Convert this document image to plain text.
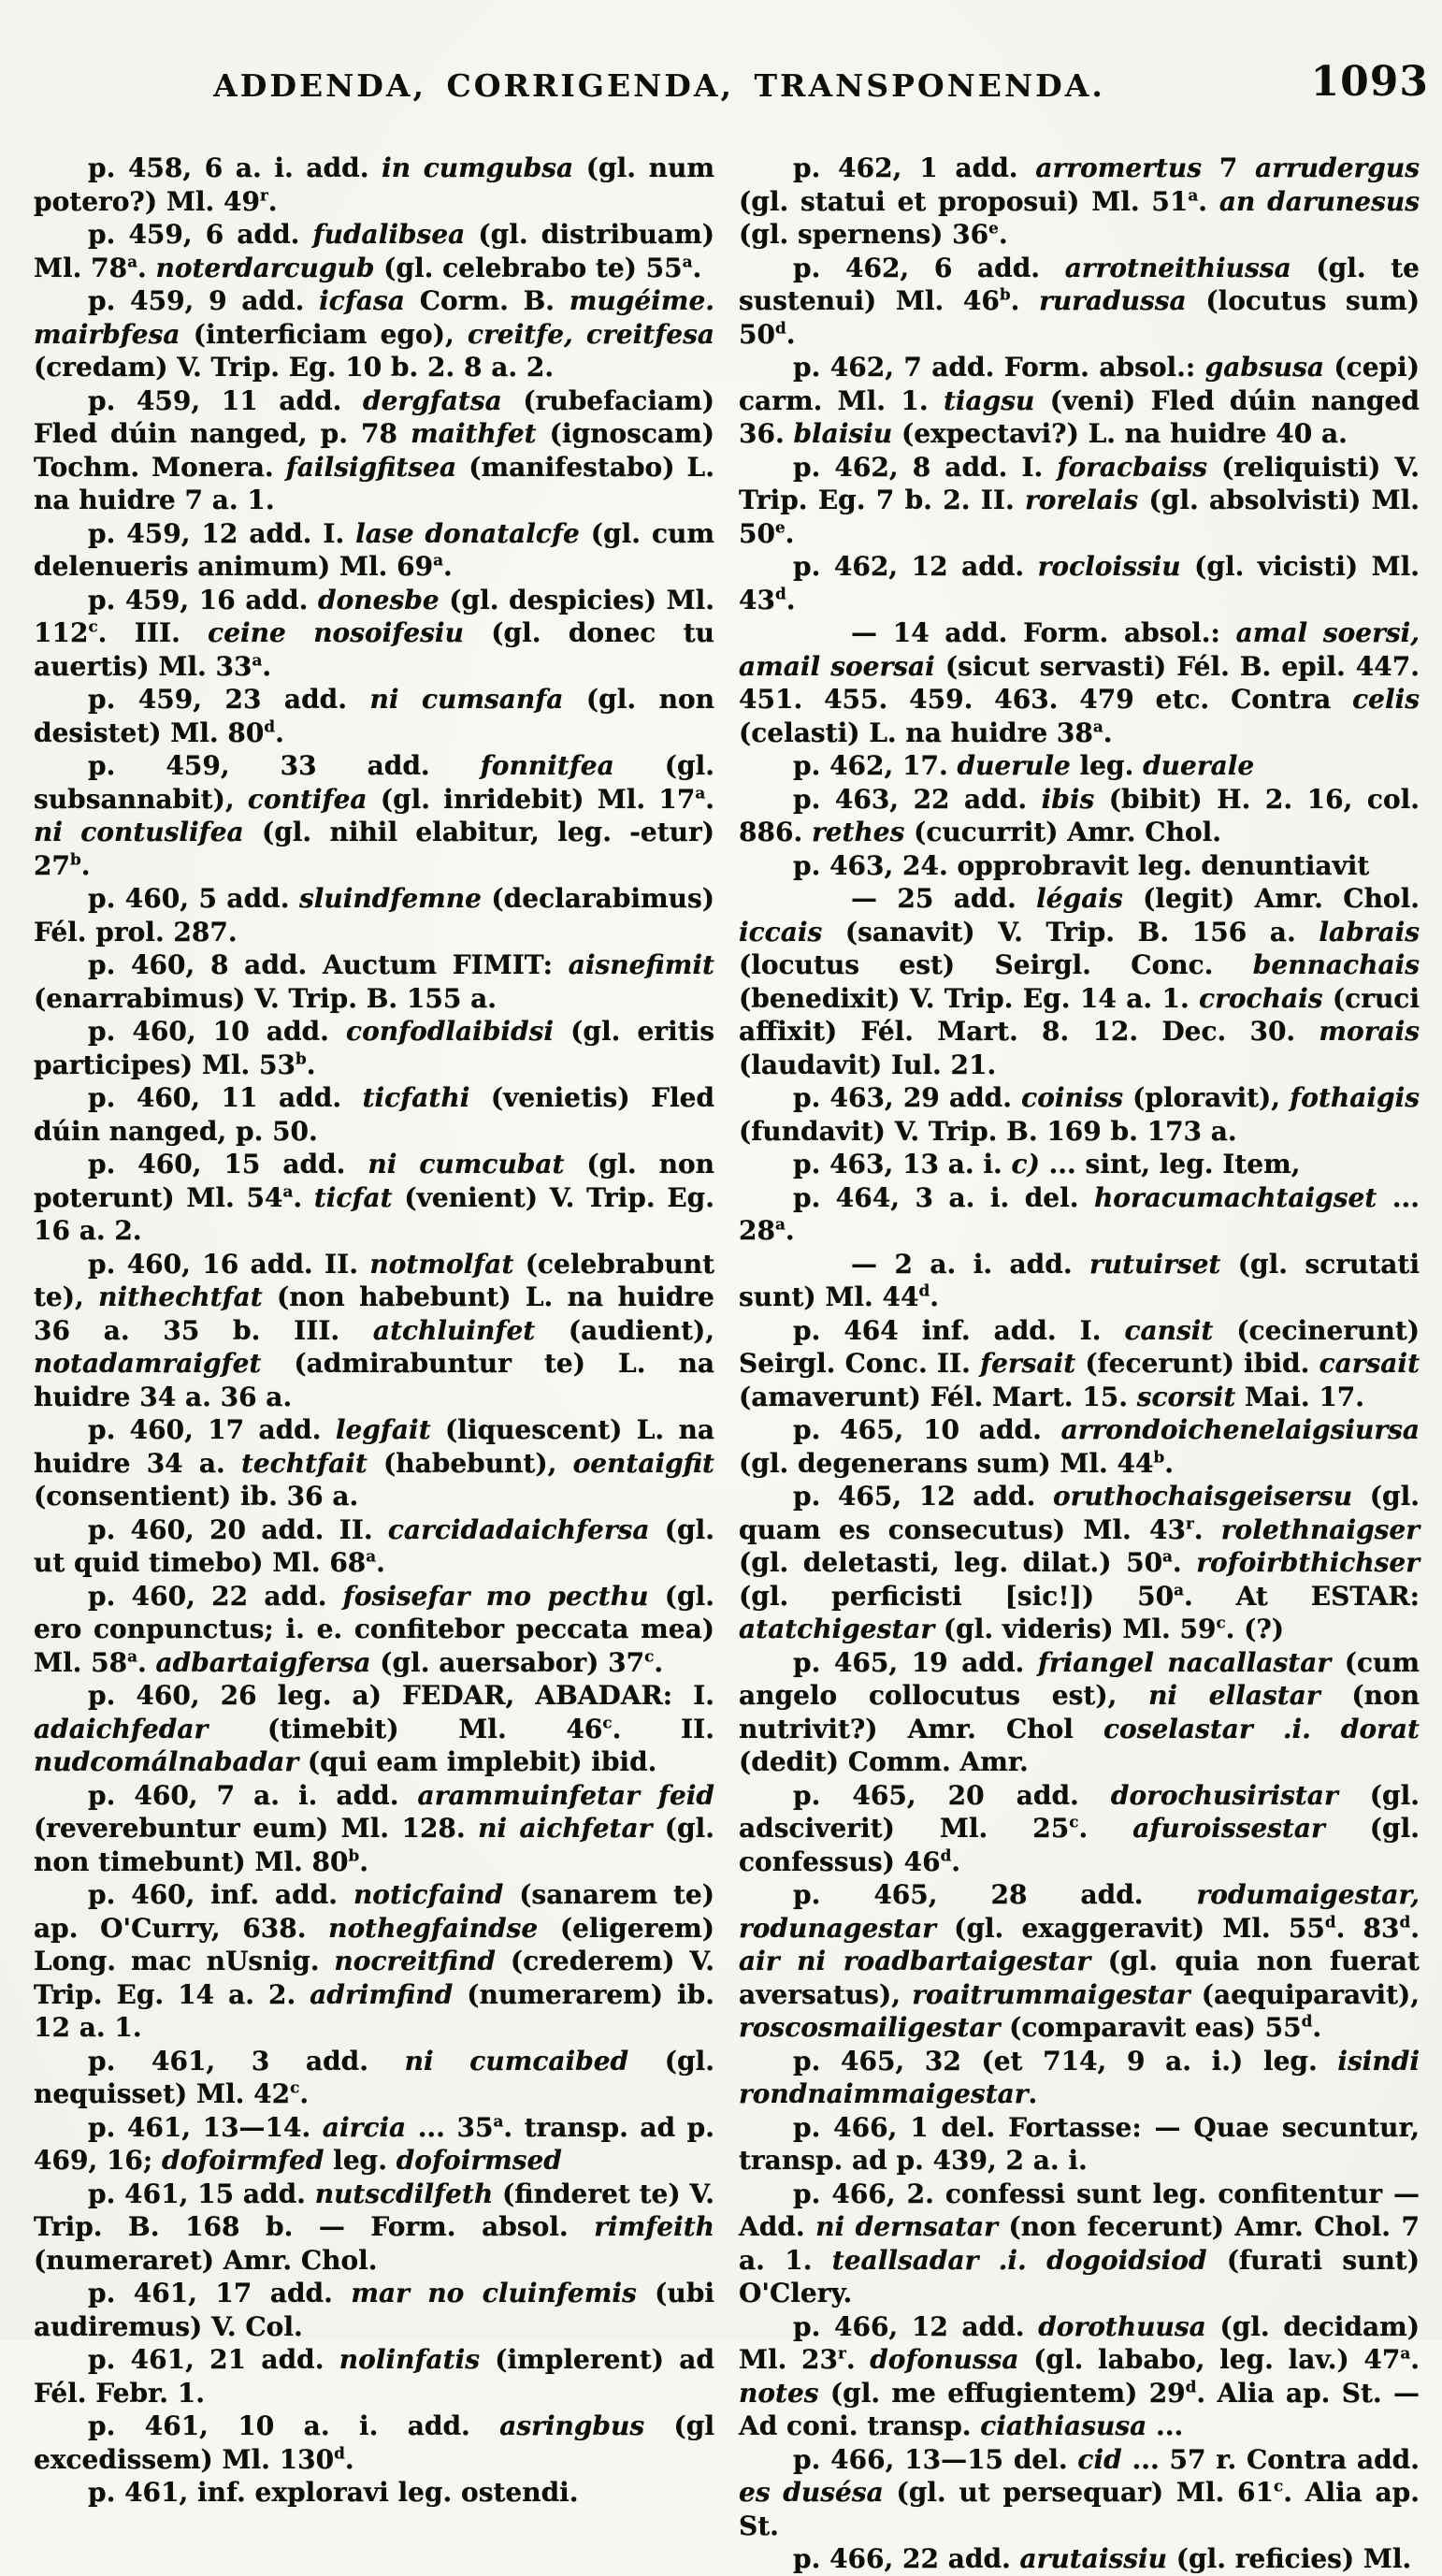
ADDENDA, CORRIGENDA, TRANSPONENDA.	1093

p. 458, 6 a. i. add. in cumgubsa (gl. num potero?) Ml. 49$^r$.

p. 459, 6 add. fudalibsea (gl. distribuam) Ml. 78$^a$. noterdarcugub (gl. celebrabo te) 55$^a$.

p. 459, 9 add. icfasa Corm. B. mugéime. mairbfesa (interficiam ego), creitfe, creitfesa (credam) V. Trip. Eg. 10 b. 2. 8 a. 2.

p. 459, 11 add. dergfatsa (rubefaciam) Fled dúin nanged, p. 78 maithfet (ignoscam) Tochm. Monera. failsigfitsea (manifestabo) L. na huidre 7 a. 1.

p. 459, 12 add. I. lase donatalcfe (gl. cum delenueris animum) Ml. 69$^a$.

p. 459, 16 add. donesbe (gl. despicies) Ml. 112$^c$. III. ceine nosoifesiu (gl. donec tu auertis) Ml. 33$^a$.

p. 459, 23 add. ni cumsanfa (gl. non desistet) Ml. 80$^d$.

p. 459, 33 add. fonnitfea (gl. subsannabit), contifea (gl. inridebit) Ml. 17$^a$. ni contuslifea (gl. nihil elabitur, leg. -etur) 27$^b$.

p. 460, 5 add. sluindfemne (declarabimus) Fél. prol. 287.

p. 460, 8 add. Auctum FIMIT: aisnefimit (enarrabimus) V. Trip. B. 155 a.

p. 460, 10 add. confodlaibidsi (gl. eritis participes) Ml. 53$^b$.

p. 460, 11 add. ticfathi (venietis) Fled dúin nanged, p. 50.

p. 460, 15 add. ni cumcubat (gl. non poterunt) Ml. 54$^a$. ticfat (venient) V. Trip. Eg. 16 a. 2.

p. 460, 16 add. II. notmolfat (celebrabunt te), nithechtfat (non habebunt) L. na huidre 36 a. 35 b. III. atchluinfet (audient), notadamraigfet (admirabuntur te) L. na huidre 34 a. 36 a.

p. 460, 17 add. legfait (liquescent) L. na huidre 34 a. techtfait (habebunt), oentaigfit (consentient) ib. 36 a.

p. 460, 20 add. II. carcidadaichfersa (gl. ut quid timebo) Ml. 68$^a$.

p. 460, 22 add. fosisefar mo pecthu (gl. ero conpunctus; i. e. confitebor peccata mea) Ml. 58$^a$. adbartaigfersa (gl. auersabor) 37$^c$.

p. 460, 26 leg. a) FEDAR, ABADAR: I. adaichfedar (timebit) Ml. 46$^c$. II. nudcomálnabadar (qui eam implebit) ibid.

p. 460, 7 a. i. add. arammuinfetar feid (reverebuntur eum) Ml. 128. ni aichfetar (gl. non timebunt) Ml. 80$^b$.

p. 460, inf. add. noticfaind (sanarem te) ap. O'Curry, 638. nothegfaindse (eligerem) Long. mac nUsnig. nocreitfind (crederem) V. Trip. Eg. 14 a. 2. adrimfind (numerarem) ib. 12 a. 1.

p. 461, 3 add. ni cumcaibed (gl. nequisset) Ml. 42$^c$.

p. 461, 13—14. aircia ... 35$^a$. transp. ad p. 469, 16; dofoirmfed leg. dofoirmsed

p. 461, 15 add. nutscdilfeth (finderet te) V. Trip. B. 168 b. — Form. absol. rimfeith (numeraret) Amr. Chol.

p. 461, 17 add. mar no cluinfemis (ubi audiremus) V. Col.

p. 461, 21 add. nolinfatis (implerent) ad Fél. Febr. 1.

p. 461, 10 a. i. add. asringbus (gl excedissem) Ml. 130$^d$.

p. 461, inf. exploravi leg. ostendi.

p. 462, 1 add. arromertus 7 arrudergus (gl. statui et proposui) Ml. 51$^a$. an darunesus (gl. spernens) 36e.

p. 462, 6 add. arrotneithiussa (gl. te sustenui) Ml. 46$^b$. ruradussa (locutus sum) 50$^d$.

p. 462, 7 add. Form. absol.: gabsusa (cepi) carm. Ml. 1. tiagsu (veni) Fled dúin nanged 36. blaisiu (expectavi?) L. na huidre 40 a.

p. 462, 8 add. I. foracbaiss (reliquisti) V. Trip. Eg. 7 b. 2. II. rorelais (gl. absolvisti) Ml. 50e.

p. 462, 12 add. rocloissiu (gl. vicisti) Ml. 43$^d$.

— 14 add. Form. absol.: amal soersi, amail soersai (sicut servasti) Fél. B. epil. 447. 451. 455. 459. 463. 479 etc. Contra celis (celasti) L. na huidre 38$^a$.

p. 462, 17. duerule leg. duerale

p. 463, 22 add. ibis (bibit) H. 2. 16, col. 886. rethes (cucurrit) Amr. Chol.

p. 463, 24. opprobravit leg. denuntiavit

— 25 add. légais (legit) Amr. Chol. iccais (sanavit) V. Trip. B. 156 a. labrais (locutus est) Seirgl. Conc. bennachais (benedixit) V. Trip. Eg. 14 a. 1. crochais (cruci affixit) Fél. Mart. 8. 12. Dec. 30. morais (laudavit) Iul. 21.

p. 463, 29 add. coiniss (ploravit), fothaigis (fundavit) V. Trip. B. 169 b. 173 a.

p. 463, 13 a. i. c) ... sint, leg. Item,

p. 464, 3 a. i. del. horacumachtaigset ... 28$^a$.

— 2 a. i. add. rutuirset (gl. scrutati sunt) Ml. 44$^d$.

p. 464 inf. add. I. cansit (cecinerunt) Seirgl. Conc. II. fersait (fecerunt) ibid. carsait (amaverunt) Fél. Mart. 15. scorsit Mai. 17.

p. 465, 10 add. arrondoichenelaigsiursa (gl. degenerans sum) Ml. 44$^b$.

p. 465, 12 add. oruthochaisgeisersu (gl. quam es consecutus) Ml. 43$^r$. rolethnaigser (gl. deletasti, leg. dilat.) 50$^a$. rofoirbthichser (gl. perficisti [sic!]) 50$^a$. At ESTAR: atatchigestar (gl. videris) Ml. 59$^c$. (?)

p. 465, 19 add. friangel nacallastar (cum angelo collocutus est), ni ellastar (non nutrivit?) Amr. Chol coselastar .i. dorat (dedit) Comm. Amr.

p. 465, 20 add. dorochusiristar (gl. adsciverit) Ml. 25$^c$. afuroissestar (gl. confessus) 46$^d$.

p. 465, 28 add. rodumaigestar, rodunagestar (gl. exaggeravit) Ml. 55$^d$. 83$^d$. air ni roadbartaigestar (gl. quia non fuerat aversatus), roaitrummaigestar (aequiparavit), roscosmailigestar (comparavit eas) 55$^d$.

p. 465, 32 (et 714, 9 a. i.) leg. isindi rondnaimmaigestar.

p. 466, 1 del. Fortasse: — Quae secuntur, transp. ad p. 439, 2 a. i.

p. 466, 2. confessi sunt leg. confitentur — Add. ni dernsatar (non fecerunt) Amr. Chol. 7 a. 1. teallsadar .i. dogoidsiod (furati sunt) O'Clery.

p. 466, 12 add. dorothuusa (gl. decidam) Ml. 23$^r$. dofonussa (gl. lababo, leg. lav.) 47$^a$. notes (gl. me effugientem) 29$^d$. Alia ap. St. — Ad coni. transp. ciathiasusa ...

p. 466, 13—15 del. cid ... 57 r. Contra add. es dusésa (gl. ut persequar) Ml. 61$^c$. Alia ap. St.

p. 466, 22 add. arutaissiu (gl. reficies) Ml.
